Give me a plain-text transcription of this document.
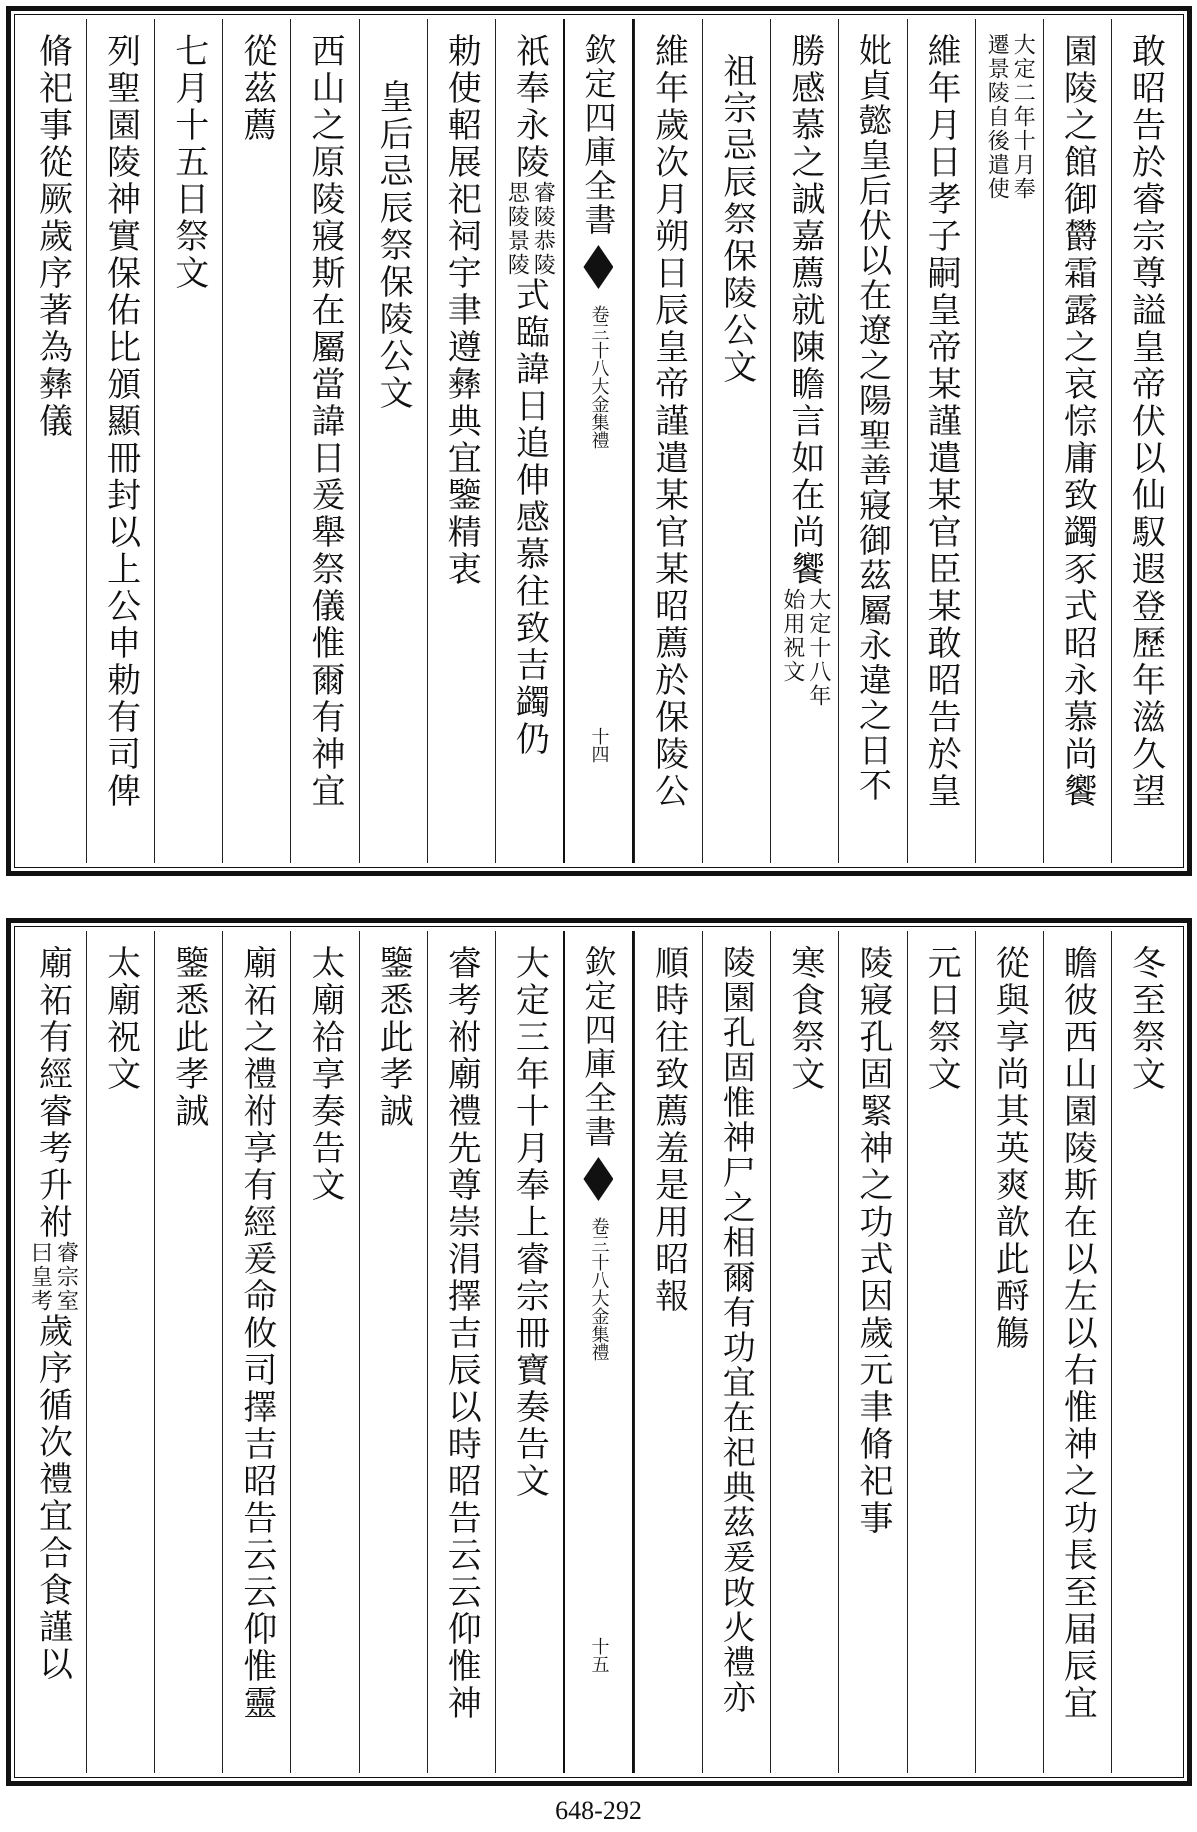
敢昭告於睿宗尊謚皇帝伏以仙馭遐登歷年滋久望
園陵之館御欝霜露之哀悰庸致蠲豕式昭永慕尚饗
大定二年十月奉
遷景陵自後遣使
維年月日孝子嗣皇帝某謹遣某官臣某敢昭告於皇
妣貞懿皇后伏以在遼之陽聖善寢御茲屬永違之日不
勝感慕之誠嘉薦就陳瞻言如在尚饗
大定十八年
始用祝文
祖宗忌辰祭保陵公文
維年歲次月朔日辰皇帝謹遣某官某昭薦於保陵公
欽定四庫全書
大金集禮
卷三十八
十四
祇奉永陵
睿陵恭陵
思陵景陵
式臨諱日追伸感慕往致吉蠲仍
勅使軺展祀祠宇聿遵彝典宜鑒精衷
皇后忌辰祭保陵公文
西山之原陵寢斯在屬當諱日爰舉祭儀惟爾有神宜
從茲薦
七月十五日祭文
列聖園陵神實保佑比頒顯冊封以上公申勅有司俾
脩祀事從厥歲序著為彝儀
冬至祭文
瞻彼西山園陵斯在以左以右惟神之功長至届辰宜
從與享尚其英爽歆此酹觴
元日祭文
陵寢孔固緊神之功式因歲元聿脩祀事
寒食祭文
陵園孔固惟神尸之相爾有功宜在祀典茲爰攺火禮亦
順時往致薦羞是用昭報
欽定四庫全書
大金集禮
卷三十八
十五
大定三年十月奉上睿宗冊寶奏告文
睿考祔廟禮先尊崇涓擇吉辰以時昭告云云仰惟神
鑒悉此孝誠
太廟祫享奏告文
廟祏之禮祔享有經爰命攸司擇吉昭告云云仰惟靈
鑒悉此孝誠
太廟祝文
廟祏有經睿考升祔
睿宗室
曰皇考
歲序循次禮宜合食謹以
648-292
